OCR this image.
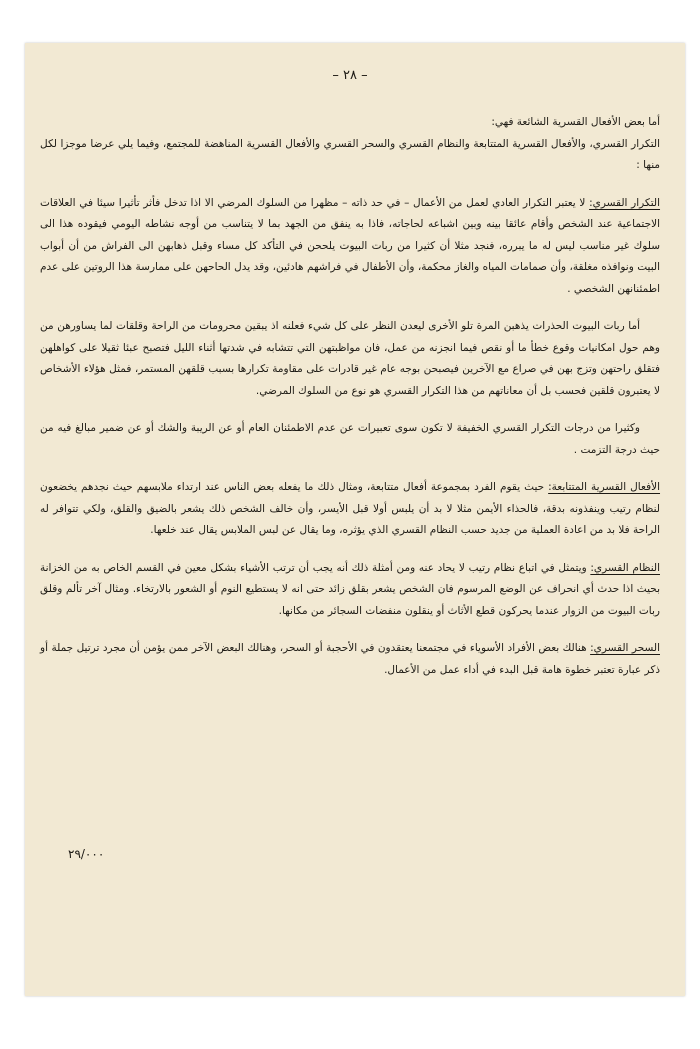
– ٢٨ –

أما بعض الأفعال القسرية الشائعة فهي:

التكرار القسري، والأفعال القسرية المتتابعة والنظام القسري والسحر القسري والأفعال القسرية المناهضة للمجتمع، وفيما يلي عرضا موجزا لكل منها :

التكرار القسري: لا يعتبر التكرار العادي لعمل من الأعمال – في حد ذاته – مظهرا من السلوك المرضي الا اذا تدخل فأثر تأثيرا سيئا في العلاقات الاجتماعية عند الشخص وأقام عائقا بينه وبين اشباعه لحاجاته، فاذا به ينفق من الجهد بما لا يتناسب من أوجه نشاطه اليومي فيقوده هذا الى سلوك غير مناسب ليس له ما يبرره، فنجد مثلا أن كثيرا من ربات البيوت يلححن في التأكد كل مساء وقبل ذهابهن الى الفراش من أن أبواب البيت ونوافذه مغلقة، وأن صمامات المياه والغاز محكمة، وأن الأطفال في فراشهم هادئين، وقد يدل الحاحهن على ممارسة هذا الروتين على عدم اطمئنانهن الشخصي .

أما ربات البيوت الحذرات يذهبن المرة تلو الأخرى ليعدن النظر على كل شيء فعلنه اذ يبقين محرومات من الراحة وقلقات لما يساورهن من وهم حول امكانيات وقوع خطأ ما أو نقص فيما انجزنه من عمل، فان مواظبتهن التي تتشابه في شدتها أثناء الليل فتصبح عبئا ثقيلا على كواهلهن فتقلق راحتهن وتزج بهن في صراع مع الآخرين فيصبحن بوجه عام غير قادرات على مقاومة تكرارها بسبب قلقهن المستمر، فمثل هؤلاء الأشخاص لا يعتبرون قلقين فحسب بل أن معاناتهم من هذا التكرار القسري هو نوع من السلوك المرضي.

وكثيرا من درجات التكرار القسري الخفيفة لا تكون سوى تعبيرات عن عدم الاطمئنان العام أو عن الريبة والشك أو عن ضمير مبالغ فيه من حيث درجة التزمت .

الأفعال القسرية المتتابعة: حيث يقوم الفرد بمجموعة أفعال متتابعة، ومثال ذلك ما يفعله بعض الناس عند ارتداء ملابسهم حيث نجدهم يخضعون لنظام رتيب وينفذونه بدقة، فالحذاء الأيمن مثلا لا بد أن يلبس أولا قبل الأيسر، وأن خالف الشخص ذلك يشعر بالضيق والقلق، ولكي تتوافر له الراحة فلا بد من اعادة العملية من جديد حسب النظام القسري الذي يؤثره، وما يقال عن لبس الملابس يقال عند خلعها.

النظام القسري: ويتمثل في اتباع نظام رتيب لا يحاد عنه ومن أمثلة ذلك أنه يجب أن ترتب الأشياء بشكل معين في القسم الخاص به من الخزانة بحيث اذا حدث أي انحراف عن الوضع المرسوم فان الشخص يشعر بقلق زائد حتى انه لا يستطيع النوم أو الشعور بالارتخاء. ومثال آخر تألم وقلق ربات البيوت من الزوار عندما يحركون قطع الأثاث أو ينقلون منفضات السجائر من مكانها.

السحر القسري: هنالك بعض الأفراد الأسوياء في مجتمعنا يعتقدون في الأحجبة أو السحر، وهنالك البعض الآخر ممن يؤمن أن مجرد ترتيل جملة أو ذكر عبارة تعتبر خطوة هامة قبل البدء في أداء عمل من الأعمال.

٢٩/٠٠٠
